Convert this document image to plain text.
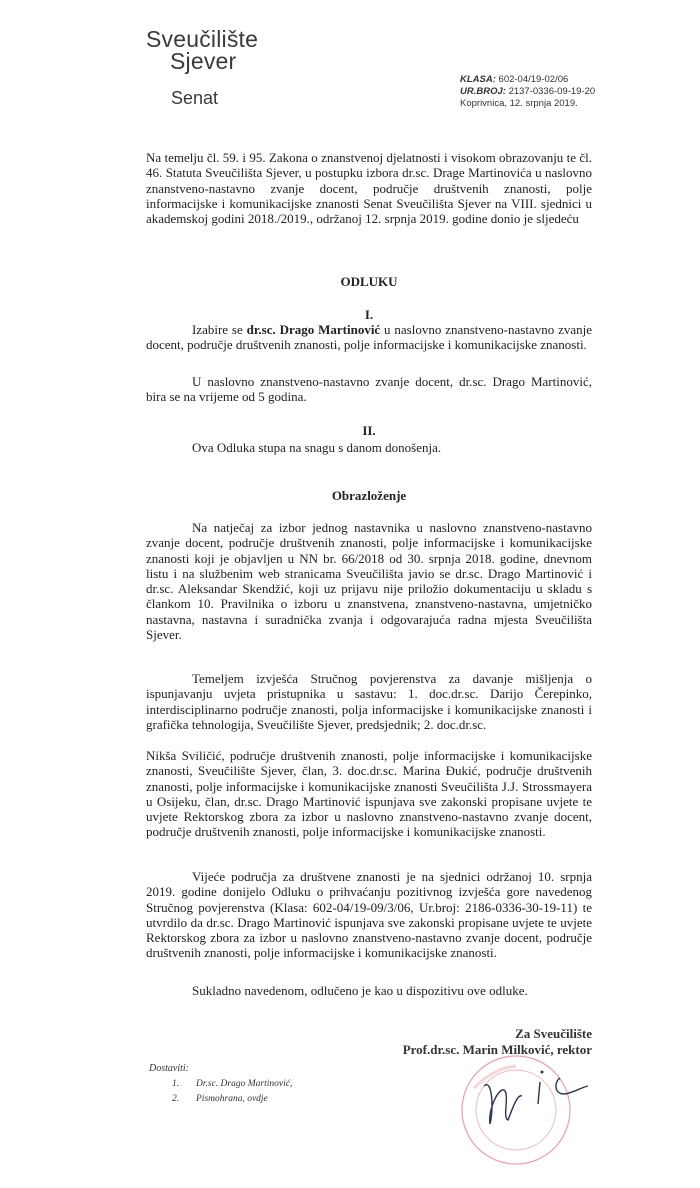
Sveučilište
Sjever
Senat
KLASA: 602-04/19-02/06
UR.BROJ: 2137-0336-09-19-20
Koprivnica, 12. srpnja 2019.
Na temelju čl. 59. i 95. Zakona o znanstvenoj djelatnosti i visokom obrazovanju te čl. 46. Statuta Sveučilišta Sjever, u postupku izbora dr.sc. Drage Martinovića u naslovno znanstveno-nastavno zvanje docent, područje društvenih znanosti, polje informacijske i komunikacijske znanosti Senat Sveučilišta Sjever na VIII. sjednici u akademskoj godini 2018./2019., održanoj 12. srpnja 2019. godine donio je sljedeću
ODLUKU
I.
Izabire se dr.sc. Drago Martinović u naslovno znanstveno-nastavno zvanje docent, područje društvenih znanosti, polje informacijske i komunikacijske znanosti.
U naslovno znanstveno-nastavno zvanje docent, dr.sc. Drago Martinović, bira se na vrijeme od 5 godina.
II.
Ova Odluka stupa na snagu s danom donošenja.
Obrazloženje
Na natječaj za izbor jednog nastavnika u naslovno znanstveno-nastavno zvanje docent, područje društvenih znanosti, polje informacijske i komunikacijske znanosti koji je objavljen u NN br. 66/2018 od 30. srpnja 2018. godine, dnevnom listu i na službenim web stranicama Sveučilišta javio se dr.sc. Drago Martinović i dr.sc. Aleksandar Skendžić, koji uz prijavu nije priložio dokumentaciju u skladu s člankom 10. Pravilnika o izboru u znanstvena, znanstveno-nastavna, umjetničko nastavna, nastavna i suradnička zvanja i odgovarajuća radna mjesta Sveučilišta Sjever.
Temeljem izvješća Stručnog povjerenstva za davanje mišljenja o ispunjavanju uvjeta pristupnika u sastavu: 1. doc.dr.sc. Darijo Čerepinko, interdisciplinarno područje znanosti, polja informacijske i komunikacijske znanosti i grafička tehnologija, Sveučilište Sjever, predsjednik; 2. doc.dr.sc.
Nikša Sviličić, područje društvenih znanosti, polje informacijske i komunikacijske znanosti, Sveučilište Sjever, član, 3. doc.dr.sc. Marina Đukić, područje društvenih znanosti, polje informacijske i komunikacijske znanosti Sveučilišta J.J. Strossmayera u Osijeku, član, dr.sc. Drago Martinović ispunjava sve zakonski propisane uvjete te uvjete Rektorskog zbora za izbor u naslovno znanstveno-nastavno zvanje docent, područje društvenih znanosti, polje informacijske i komunikacijske znanosti.
Vijeće područja za društvene znanosti je na sjednici održanoj 10. srpnja 2019. godine donijelo Odluku o prihvaćanju pozitivnog izvješća gore navedenog Stručnog povjerenstva (Klasa: 602-04/19-09/3/06, Ur.broj: 2186-0336-30-19-11) te utvrdilo da dr.sc. Drago Martinović ispunjava sve zakonski propisane uvjete te uvjete Rektorskog zbora za izbor u naslovno znanstveno-nastavno zvanje docent, područje društvenih znanosti, polje informacijske i komunikacijske znanosti.
Sukladno navedenom, odlučeno je kao u dispozitivu ove odluke.
Za Sveučilište
Prof.dr.sc. Marin Milković, rektor
Dostaviti:
1. Dr.sc. Drago Martinović,
2. Pismohrana, ovdje
